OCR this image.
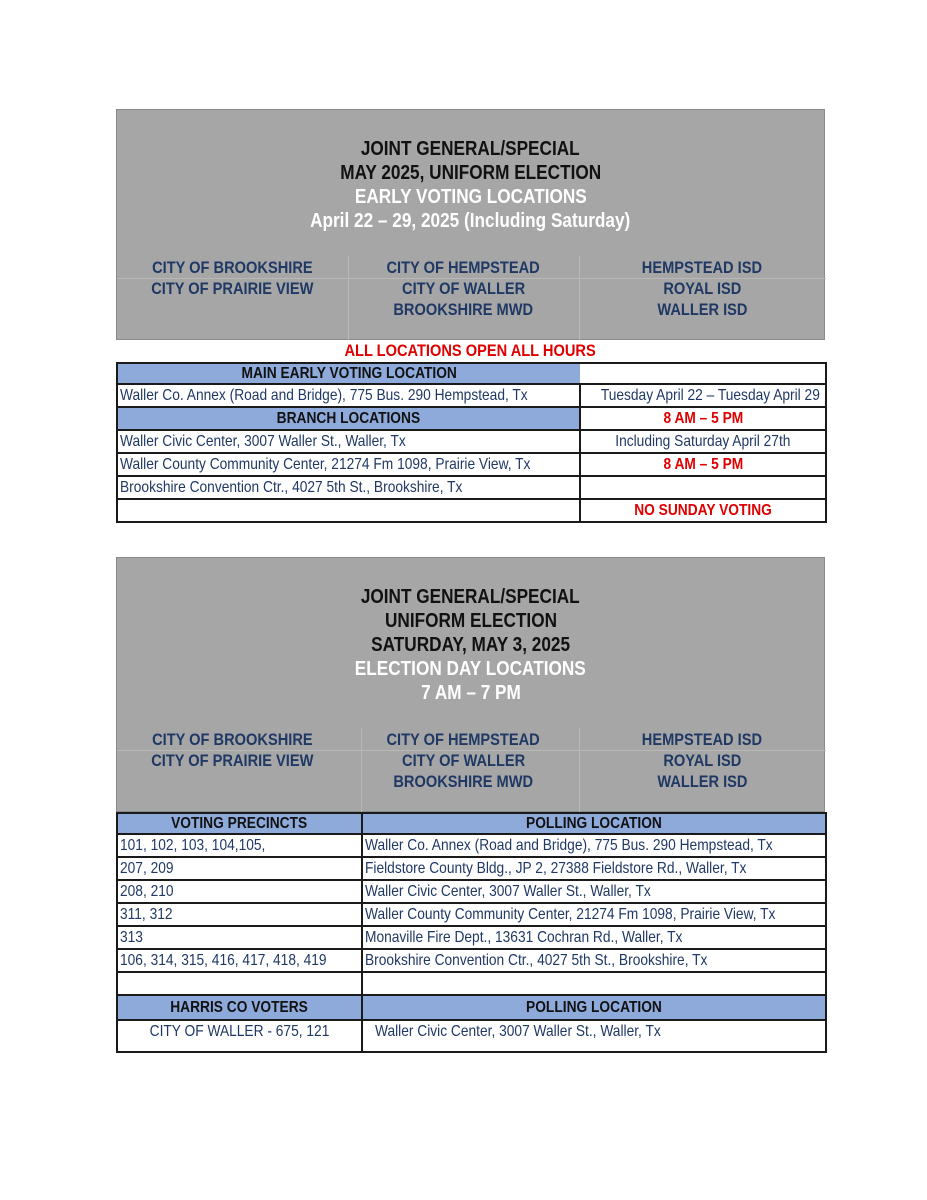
JOINT GENERAL/SPECIAL
MAY 2025, UNIFORM ELECTION
EARLY VOTING LOCATIONS
April 22 – 29, 2025 (Including Saturday)
CITY OF BROOKSHIRE
CITY OF PRAIRIE VIEW
CITY OF HEMPSTEAD
CITY OF WALLER
BROOKSHIRE MWD
HEMPSTEAD ISD
ROYAL ISD
WALLER ISD
ALL LOCATIONS OPEN ALL HOURS
MAIN EARLY VOTING LOCATION	
Waller Co. Annex (Road and Bridge), 775 Bus. 290 Hempstead, Tx	Tuesday April 22 – Tuesday April 29
BRANCH LOCATIONS	8 AM – 5 PM
Waller Civic Center, 3007 Waller St., Waller, Tx	Including Saturday April 27th
Waller County Community Center, 21274 Fm 1098, Prairie View, Tx	8 AM – 5 PM
Brookshire Convention Ctr., 4027 5th St., Brookshire, Tx	
	NO SUNDAY VOTING
JOINT GENERAL/SPECIAL
UNIFORM ELECTION
SATURDAY, MAY 3, 2025
ELECTION DAY LOCATIONS
7 AM – 7 PM
CITY OF BROOKSHIRE
CITY OF PRAIRIE VIEW
CITY OF HEMPSTEAD
CITY OF WALLER
BROOKSHIRE MWD
HEMPSTEAD ISD
ROYAL ISD
WALLER ISD
VOTING PRECINCTS	POLLING LOCATION
101, 102, 103, 104,105,	Waller Co. Annex (Road and Bridge), 775 Bus. 290 Hempstead, Tx
207, 209	Fieldstore County Bldg., JP 2, 27388 Fieldstore Rd., Waller, Tx
208, 210	Waller Civic Center, 3007 Waller St., Waller, Tx
311, 312	Waller County Community Center, 21274 Fm 1098, Prairie View, Tx
313	Monaville Fire Dept., 13631 Cochran Rd., Waller, Tx
106, 314, 315, 416, 417, 418, 419	Brookshire Convention Ctr., 4027 5th St., Brookshire, Tx

HARRIS CO VOTERS	POLLING LOCATION
CITY OF WALLER - 675, 121	Waller Civic Center, 3007 Waller St., Waller, Tx
